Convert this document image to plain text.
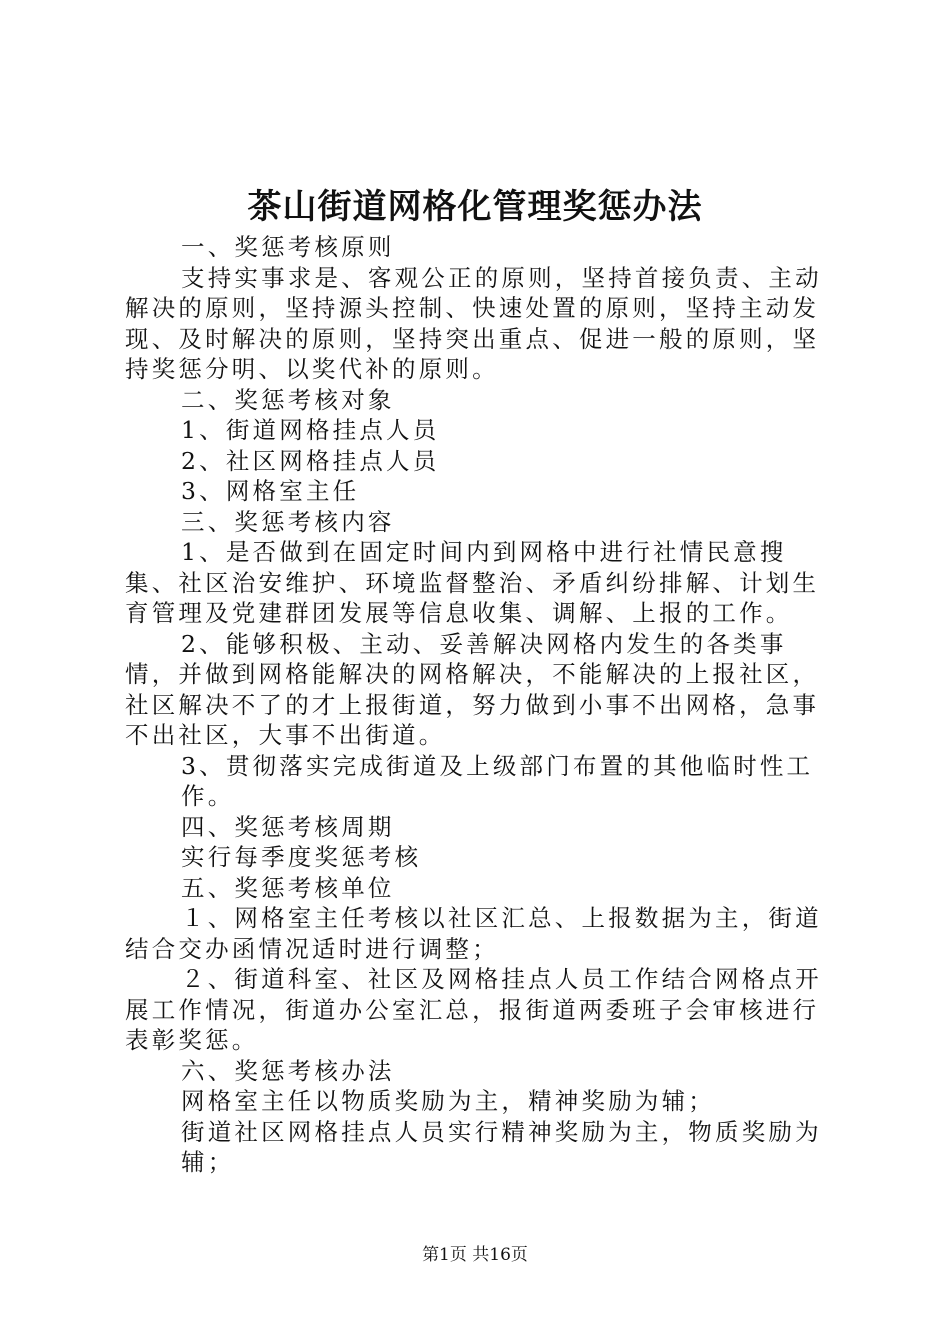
茶山街道网格化管理奖惩办法

一、奖惩考核原则

支持实事求是、客观公正的原则，坚持首接负责、主动解决的原则，坚持源头控制、快速处置的原则，坚持主动发现、及时解决的原则，坚持突出重点、促进一般的原则，坚持奖惩分明、以奖代补的原则。

二、奖惩考核对象

1、街道网格挂点人员

2、社区网格挂点人员

3、网格室主任

三、奖惩考核内容

1、是否做到在固定时间内到网格中进行社情民意搜集、社区治安维护、环境监督整治、矛盾纠纷排解、计划生育管理及党建群团发展等信息收集、调解、上报的工作。

2、能够积极、主动、妥善解决网格内发生的各类事情，并做到网格能解决的网格解决，不能解决的上报社区，社区解决不了的才上报街道，努力做到小事不出网格，急事不出社区，大事不出街道。

3、贯彻落实完成街道及上级部门布置的其他临时性工

作。

四、奖惩考核周期

实行每季度奖惩考核

五、奖惩考核单位

１、网格室主任考核以社区汇总、上报数据为主，街道结合交办函情况适时进行调整；

２、街道科室、社区及网格挂点人员工作结合网格点开展工作情况，街道办公室汇总，报街道两委班子会审核进行表彰奖惩。

六、奖惩考核办法

网格室主任以物质奖励为主，精神奖励为辅；

街道社区网格挂点人员实行精神奖励为主，物质奖励为辅；

第1页 共16页
